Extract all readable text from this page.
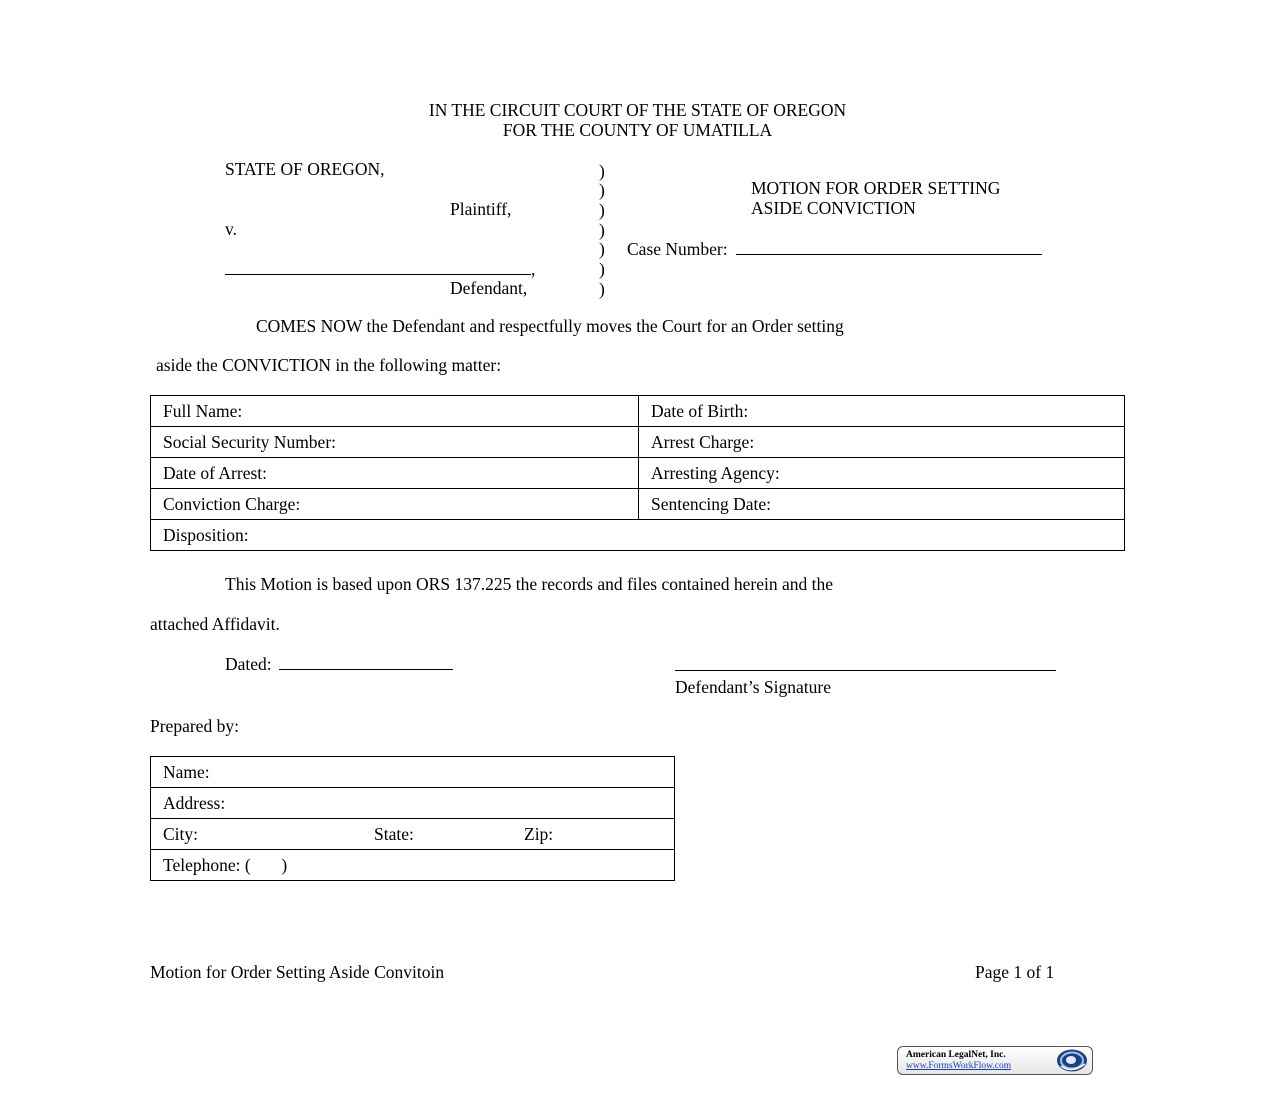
IN THE CIRCUIT COURT OF THE STATE OF OREGON
FOR THE COUNTY OF UMATILLA
STATE OF OREGON,
Plaintiff,
v.
,
Defendant,
)
)
)
)
)
)
)
MOTION FOR ORDER SETTING
ASIDE CONVICTION
Case Number:
COMES NOW the Defendant and respectfully moves the Court for an Order setting
aside the CONVICTION in the following matter:
Full Name:	Date of Birth:
Social Security Number:	Arrest Charge:
Date of Arrest:	Arresting Agency:
Conviction Charge:	Sentencing Date:
Disposition:	
This Motion is based upon ORS 137.225 the records and files contained herein and the
attached Affidavit.
Dated:
Defendant’s Signature
Prepared by:
Name:
Address:
City:	State:	Zip:
Telephone: (       )
Motion for Order Setting Aside Convitoin	Page 1 of 1
American LegalNet, Inc.
www.FormsWorkFlow.com
